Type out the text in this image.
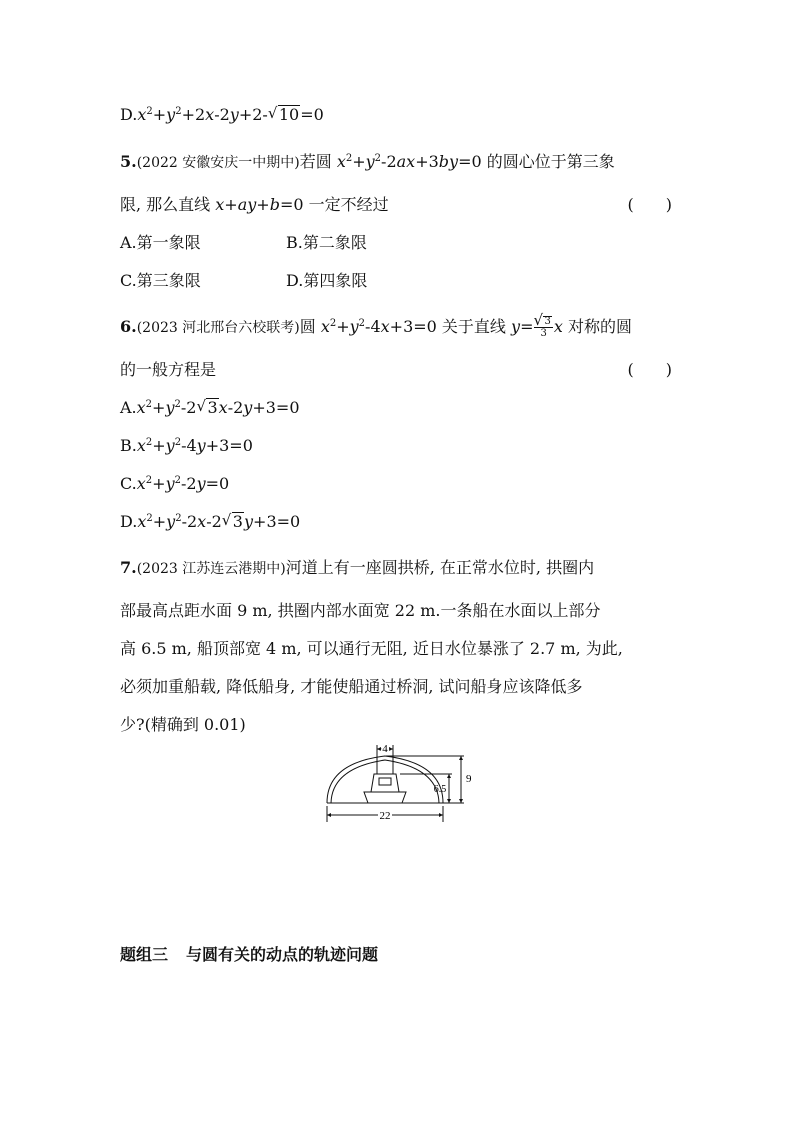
$D.x^2+y^2+2x-2y+2-√$ 10=0
5.(2022 安徽安庆一中期中)若圆 $x^2+y^2-2ax+3by=0$ 的圆心位于第三象
限, 那么直线 x+ay+b=0 一定不经过	(　　)
A.第一象限	B.第二象限
C.第三象限	D.第四象限
6.(2023 河北邢台六校联考)圆 $x^2+y^2-4x+3=0$ 关于直线 y=
√ $\frac{3}{3}$ x 对称的圆
的一般方程是	(　　)
$A.x^2+y^2-2√$ 3x-2y+3=0
$B.x^2+y^2-4y+3=0$
$C.x^2+y^2-2y=0$
$D.x^2+y^2-2x-2√$ 3y+3=0
7.(2023 江苏连云港期中)河道上有一座圆拱桥, 在正常水位时, 拱圈内
部最高点距水面 9 m, 拱圈内部水面宽 22 m.一条船在水面以上部分
高 6.5 m, 船顶部宽 4 m, 可以通行无阻, 近日水位暴涨了 2.7 m, 为此,
必须加重船载, 降低船身, 才能使船通过桥洞, 试问船身应该降低多
少?(精确到 0.01)
4
22
6.5
9
题组三 与圆有关的动点的轨迹问题
